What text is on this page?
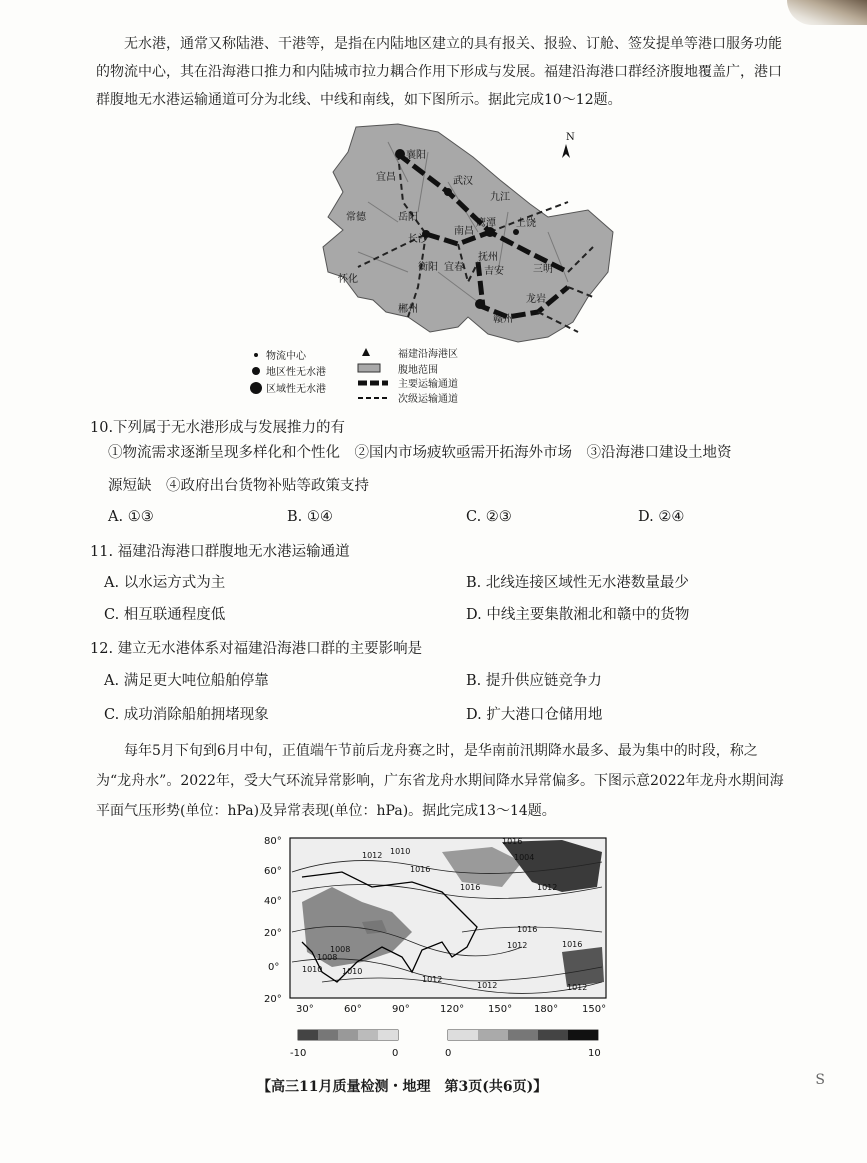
无水港，通常又称陆港、干港等，是指在内陆地区建立的具有报关、报验、订舱、签发提单等港口服务功能的物流中心，其在沿海港口推力和内陆城市拉力耦合作用下形成与发展。福建沿海港口群经济腹地覆盖广，港口群腹地无水港运输通道可分为北线、中线和南线，如下图所示。据此完成10～12题。
N
襄阳
宜昌	武汉
九江
常德	岳阳
鹰潭 上饶
长沙
南昌
抚州
三明
怀化
衡阳 宜春 吉安
龙岩
郴州
赣州
物流中心
地区性无水港
区域性无水港
福建沿海港区
腹地范围
主要运输通道
次级运输通道
10.下列属于无水港形成与发展推力的有
①物流需求逐渐呈现多样化和个性化　②国内市场疲软亟需开拓海外市场　③沿海港口建设土地资
源短缺　④政府出台货物补贴等政策支持
A. ①③	B. ①④	C. ②③	D. ②④
11. 福建沿海港口群腹地无水港运输通道
A. 以水运方式为主	B. 北线连接区域性无水港数量最少
C. 相互联通程度低	D. 中线主要集散湘北和赣中的货物
12. 建立无水港体系对福建沿海港口群的主要影响是
A. 满足更大吨位船舶停靠	B. 提升供应链竞争力
C. 成功消除船舶拥堵现象	D. 扩大港口仓储用地
每年5月下旬到6月中旬，正值端午节前后龙舟赛之时，是华南前汛期降水最多、最为集中的时段，称之为“龙舟水”。2022年，受大气环流异常影响，广东省龙舟水期间降水异常偏多。下图示意2022年龙舟水期间海平面气压形势(单位：hPa)及异常表现(单位：hPa)。据此完成13～14题。
1016
1012 1010
1016
1012
1008
1010
1012
1016	1012
1004
1016
1010
1016
1008
1012
1012
80°
60°
40°
20°
0°
20°
30°	60°	90°	120° 150° 180° 150°
-10	0	0	10
【高三11月质量检测・地理　第3页(共6页)】	S
